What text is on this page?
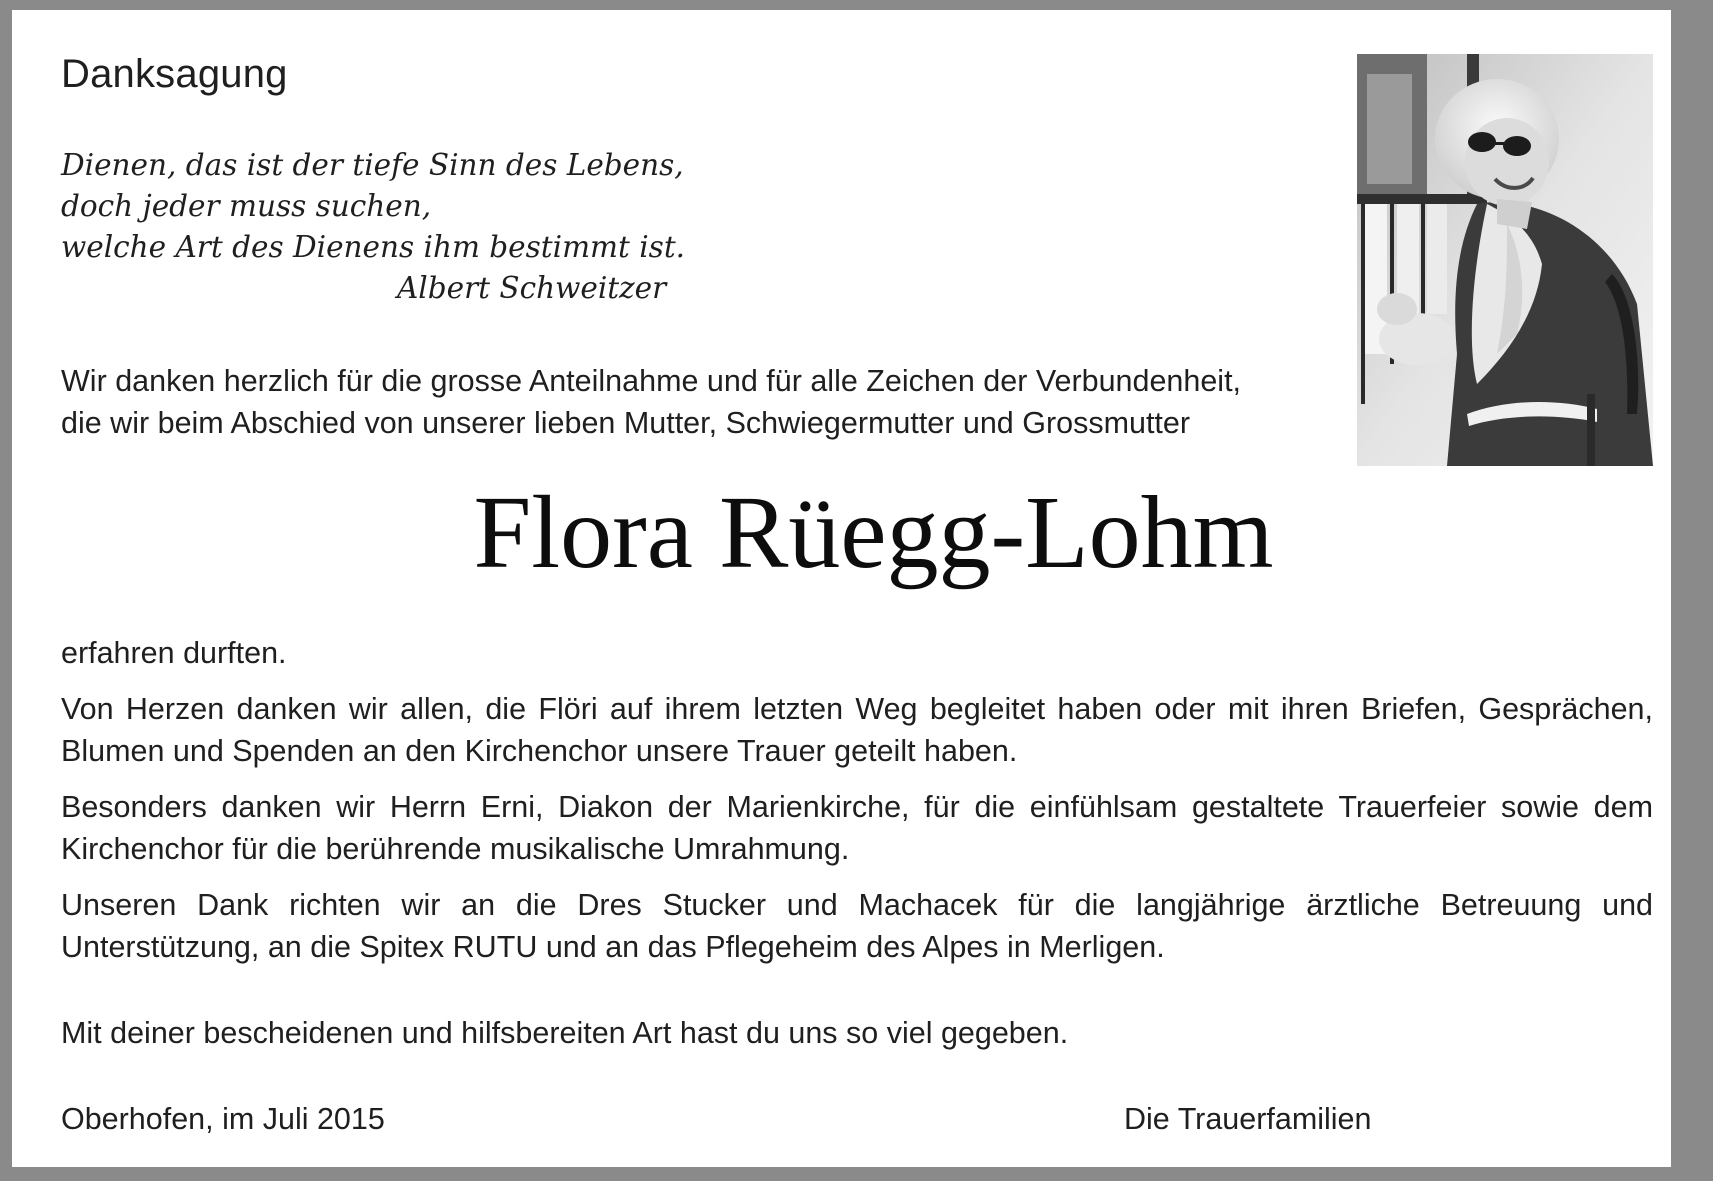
Danksagung
Dienen, das ist der tiefe Sinn des Lebens,
doch jeder muss suchen,
welche Art des Dienens ihm bestimmt ist.
Albert Schweitzer
Wir danken herzlich für die grosse Anteilnahme und für alle Zeichen der Verbundenheit,
die wir beim Abschied von unserer lieben Mutter, Schwiegermutter und Grossmutter
Flora Rüegg-Lohm

erfahren durften.

Von Herzen danken wir allen, die Flöri auf ihrem letzten Weg begleitet haben oder mit ihren Briefen, Gesprächen, Blumen und Spenden an den Kirchenchor unsere Trauer geteilt haben.

Besonders danken wir Herrn Erni, Diakon der Marienkirche, für die einfühlsam gestaltete Trauerfeier sowie dem Kirchenchor für die berührende musikalische Umrahmung.

Unseren Dank richten wir an die Dres Stucker und Machacek für die langjährige ärztliche Betreuung und Unterstützung, an die Spitex RUTU und an das Pflegeheim des Alpes in Merligen.

Mit deiner bescheidenen und hilfsbereiten Art hast du uns so viel gegeben.
Oberhofen, im Juli 2015	Die Trauerfamilien
